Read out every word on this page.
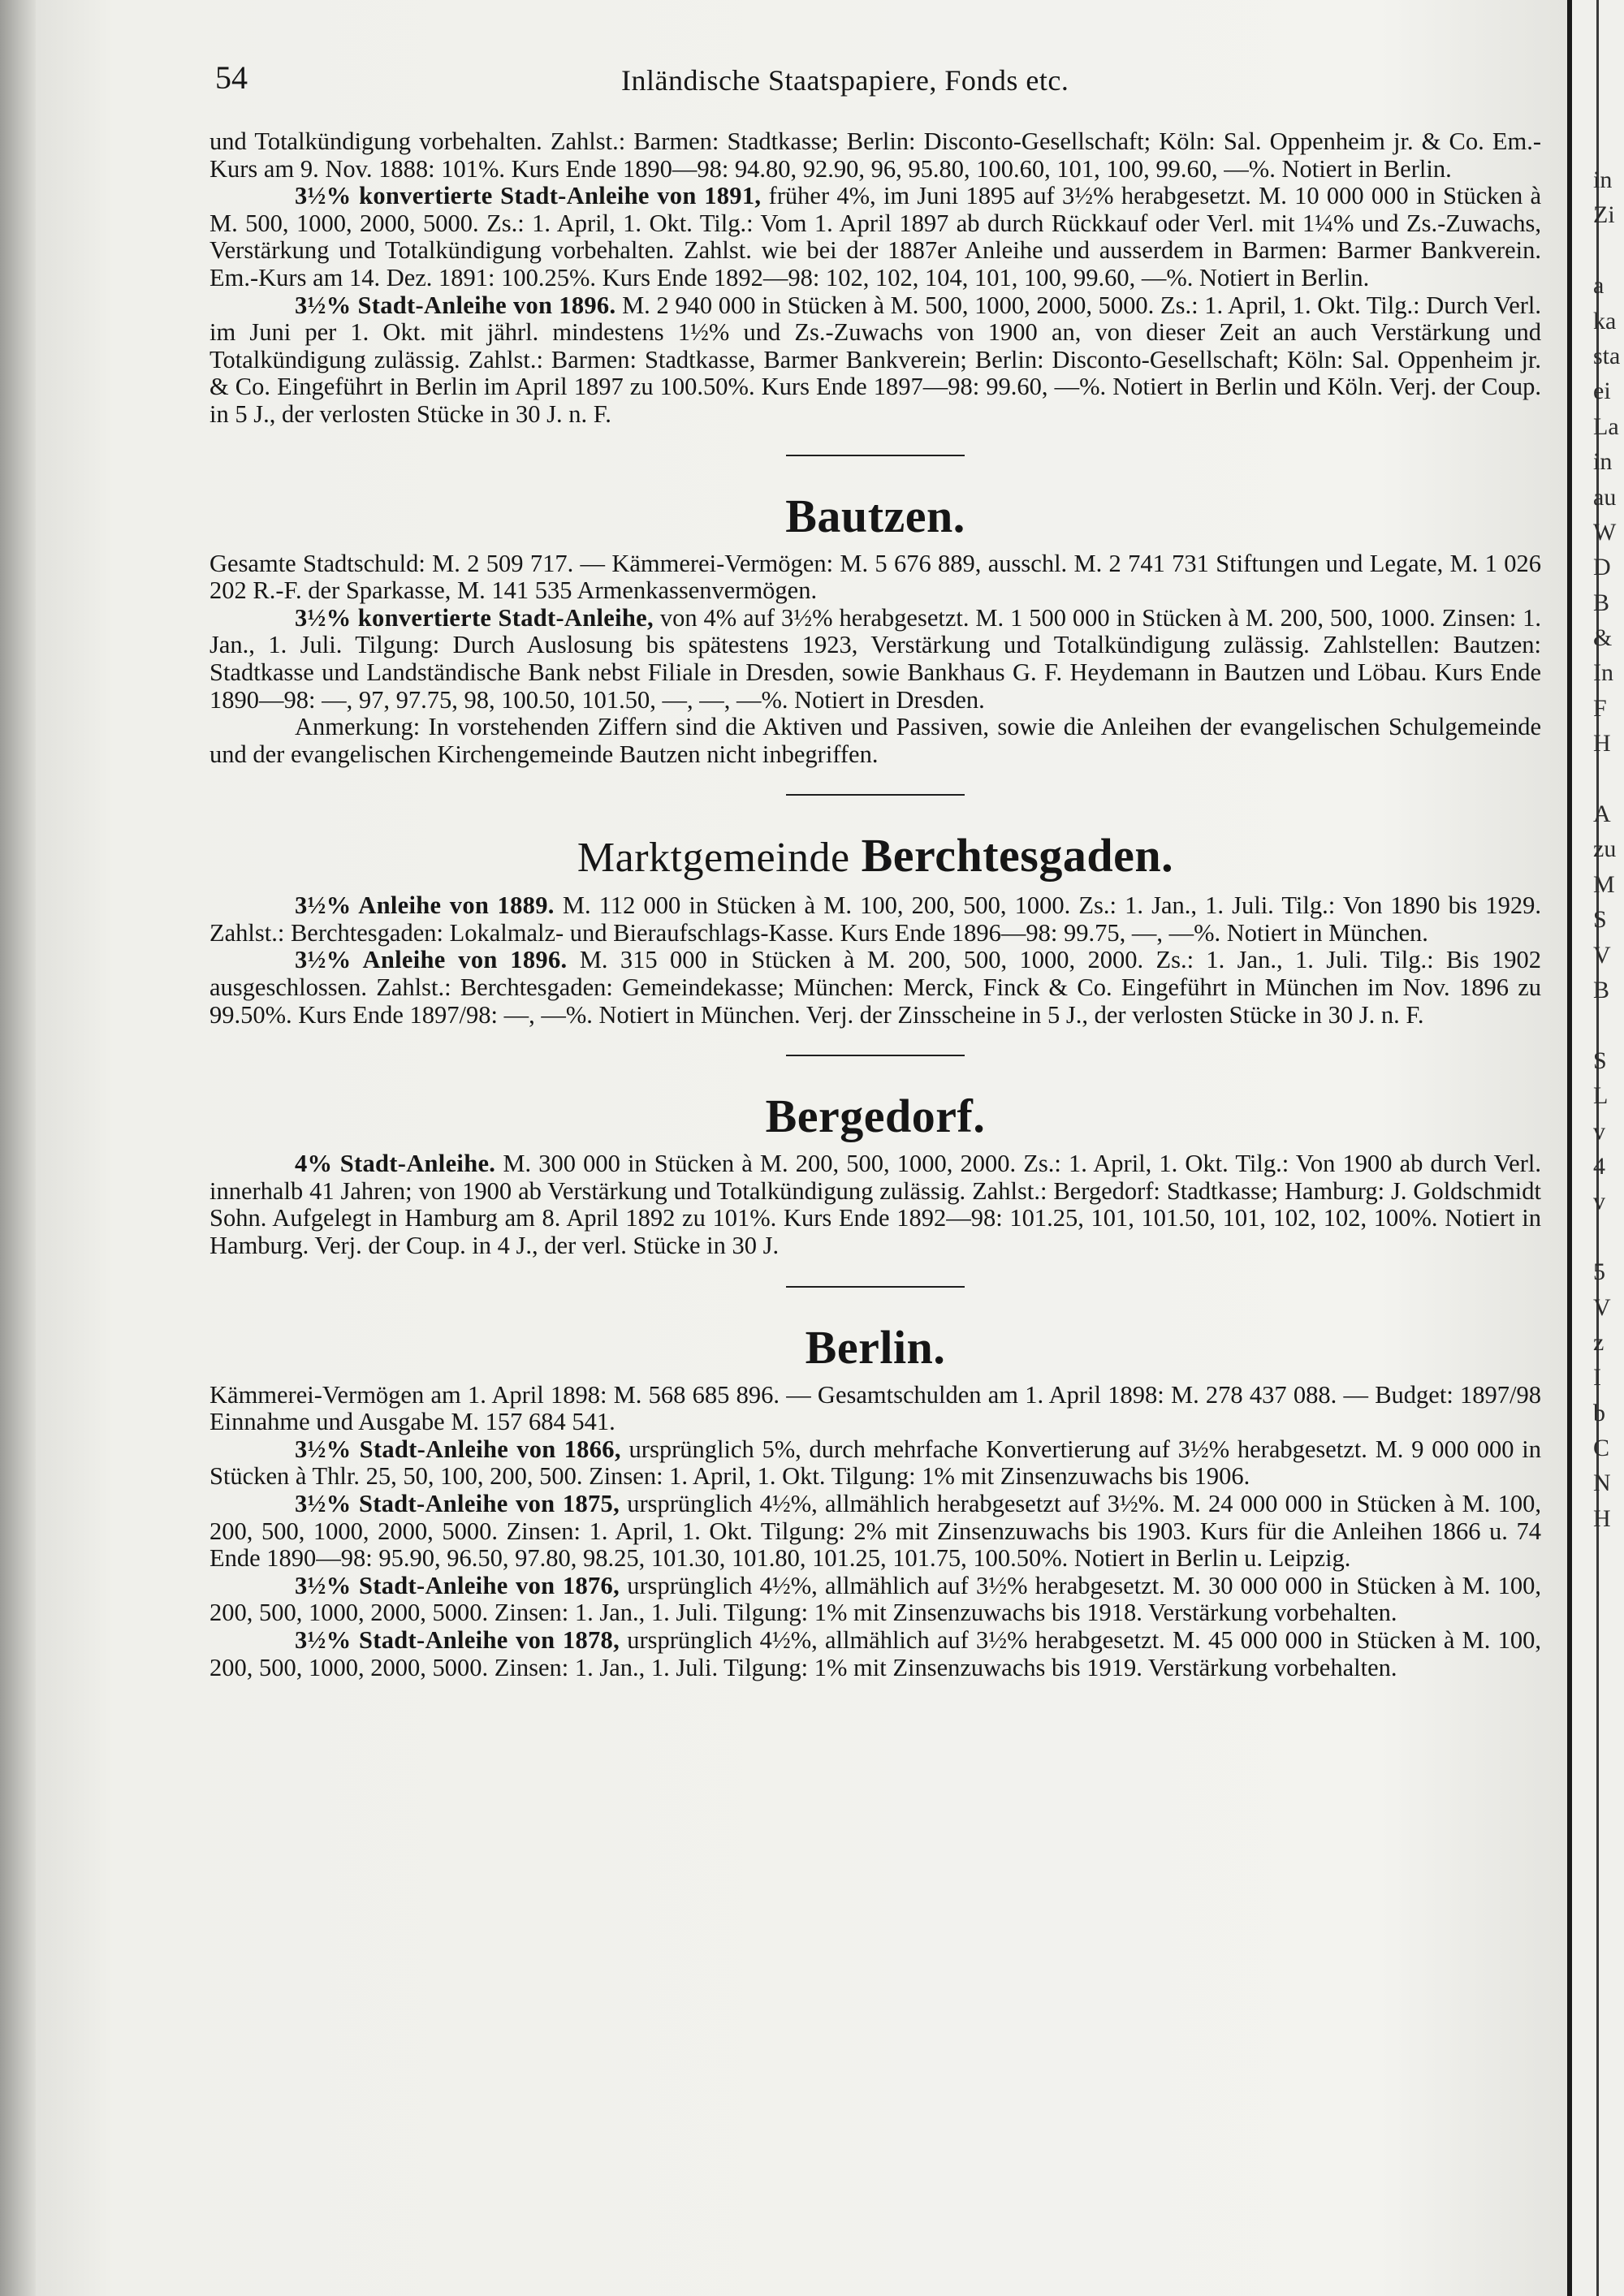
in
Zi
a
ka
sta
ei
La
in
au
W
D
B
&
In
F
H
A
zu
M
S
V
B
S
L
v
4
v
5
V
z
I
b
C
N
H
54	Inländische Staatspapiere, Fonds etc.

und Totalkündigung vorbehalten. Zahlst.: Barmen: Stadtkasse; Berlin: Disconto-Gesellschaft; Köln: Sal. Oppenheim jr. & Co. Em.-Kurs am 9. Nov. 1888: 101%. Kurs Ende 1890—98: 94.80, 92.90, 96, 95.80, 100.60, 101, 100, 99.60, —%. Notiert in Berlin.

3½% konvertierte Stadt-Anleihe von 1891, früher 4%, im Juni 1895 auf 3½% herabgesetzt. M. 10 000 000 in Stücken à M. 500, 1000, 2000, 5000. Zs.: 1. April, 1. Okt. Tilg.: Vom 1. April 1897 ab durch Rückkauf oder Verl. mit 1¼% und Zs.-Zuwachs, Verstärkung und Totalkündigung vorbehalten. Zahlst. wie bei der 1887er Anleihe und ausserdem in Barmen: Barmer Bankverein. Em.-Kurs am 14. Dez. 1891: 100.25%. Kurs Ende 1892—98: 102, 102, 104, 101, 100, 99.60, —%. Notiert in Berlin.

3½% Stadt-Anleihe von 1896. M. 2 940 000 in Stücken à M. 500, 1000, 2000, 5000. Zs.: 1. April, 1. Okt. Tilg.: Durch Verl. im Juni per 1. Okt. mit jährl. mindestens 1½% und Zs.-Zuwachs von 1900 an, von dieser Zeit an auch Verstärkung und Totalkündigung zulässig. Zahlst.: Barmen: Stadtkasse, Barmer Bankverein; Berlin: Disconto-Gesellschaft; Köln: Sal. Oppenheim jr. & Co. Eingeführt in Berlin im April 1897 zu 100.50%. Kurs Ende 1897—98: 99.60, —%. Notiert in Berlin und Köln. Verj. der Coup. in 5 J., der verlosten Stücke in 30 J. n. F.

Bautzen.

Gesamte Stadtschuld: M. 2 509 717. — Kämmerei-Vermögen: M. 5 676 889, ausschl. M. 2 741 731 Stiftungen und Legate, M. 1 026 202 R.-F. der Sparkasse, M. 141 535 Armenkassenvermögen.

3½% konvertierte Stadt-Anleihe, von 4% auf 3½% herabgesetzt. M. 1 500 000 in Stücken à M. 200, 500, 1000. Zinsen: 1. Jan., 1. Juli. Tilgung: Durch Auslosung bis spätestens 1923, Verstärkung und Totalkündigung zulässig. Zahlstellen: Bautzen: Stadtkasse und Landständische Bank nebst Filiale in Dresden, sowie Bankhaus G. F. Heydemann in Bautzen und Löbau. Kurs Ende 1890—98: —, 97, 97.75, 98, 100.50, 101.50, —, —, —%. Notiert in Dresden.

Anmerkung: In vorstehenden Ziffern sind die Aktiven und Passiven, sowie die Anleihen der evangelischen Schulgemeinde und der evangelischen Kirchengemeinde Bautzen nicht inbegriffen.

Marktgemeinde Berchtesgaden.

3½% Anleihe von 1889. M. 112 000 in Stücken à M. 100, 200, 500, 1000. Zs.: 1. Jan., 1. Juli. Tilg.: Von 1890 bis 1929. Zahlst.: Berchtesgaden: Lokalmalz- und Bieraufschlags-Kasse. Kurs Ende 1896—98: 99.75, —, —%. Notiert in München.

3½% Anleihe von 1896. M. 315 000 in Stücken à M. 200, 500, 1000, 2000. Zs.: 1. Jan., 1. Juli. Tilg.: Bis 1902 ausgeschlossen. Zahlst.: Berchtesgaden: Gemeindekasse; München: Merck, Finck & Co. Eingeführt in München im Nov. 1896 zu 99.50%. Kurs Ende 1897/98: —, —%. Notiert in München. Verj. der Zinsscheine in 5 J., der verlosten Stücke in 30 J. n. F.

Bergedorf.

4% Stadt-Anleihe. M. 300 000 in Stücken à M. 200, 500, 1000, 2000. Zs.: 1. April, 1. Okt. Tilg.: Von 1900 ab durch Verl. innerhalb 41 Jahren; von 1900 ab Verstärkung und Totalkündigung zulässig. Zahlst.: Bergedorf: Stadtkasse; Hamburg: J. Goldschmidt Sohn. Aufgelegt in Hamburg am 8. April 1892 zu 101%. Kurs Ende 1892—98: 101.25, 101, 101.50, 101, 102, 102, 100%. Notiert in Hamburg. Verj. der Coup. in 4 J., der verl. Stücke in 30 J.

Berlin.

Kämmerei-Vermögen am 1. April 1898: M. 568 685 896. — Gesamtschulden am 1. April 1898: M. 278 437 088. — Budget: 1897/98 Einnahme und Ausgabe M. 157 684 541.

3½% Stadt-Anleihe von 1866, ursprünglich 5%, durch mehrfache Konvertierung auf 3½% herabgesetzt. M. 9 000 000 in Stücken à Thlr. 25, 50, 100, 200, 500. Zinsen: 1. April, 1. Okt. Tilgung: 1% mit Zinsenzuwachs bis 1906.

3½% Stadt-Anleihe von 1875, ursprünglich 4½%, allmählich herabgesetzt auf 3½%. M. 24 000 000 in Stücken à M. 100, 200, 500, 1000, 2000, 5000. Zinsen: 1. April, 1. Okt. Tilgung: 2% mit Zinsenzuwachs bis 1903. Kurs für die Anleihen 1866 u. 74 Ende 1890—98: 95.90, 96.50, 97.80, 98.25, 101.30, 101.80, 101.25, 101.75, 100.50%. Notiert in Berlin u. Leipzig.

3½% Stadt-Anleihe von 1876, ursprünglich 4½%, allmählich auf 3½% herabgesetzt. M. 30 000 000 in Stücken à M. 100, 200, 500, 1000, 2000, 5000. Zinsen: 1. Jan., 1. Juli. Tilgung: 1% mit Zinsenzuwachs bis 1918. Verstärkung vorbehalten.

3½% Stadt-Anleihe von 1878, ursprünglich 4½%, allmählich auf 3½% herabgesetzt. M. 45 000 000 in Stücken à M. 100, 200, 500, 1000, 2000, 5000. Zinsen: 1. Jan., 1. Juli. Tilgung: 1% mit Zinsenzuwachs bis 1919. Verstärkung vorbehalten.
